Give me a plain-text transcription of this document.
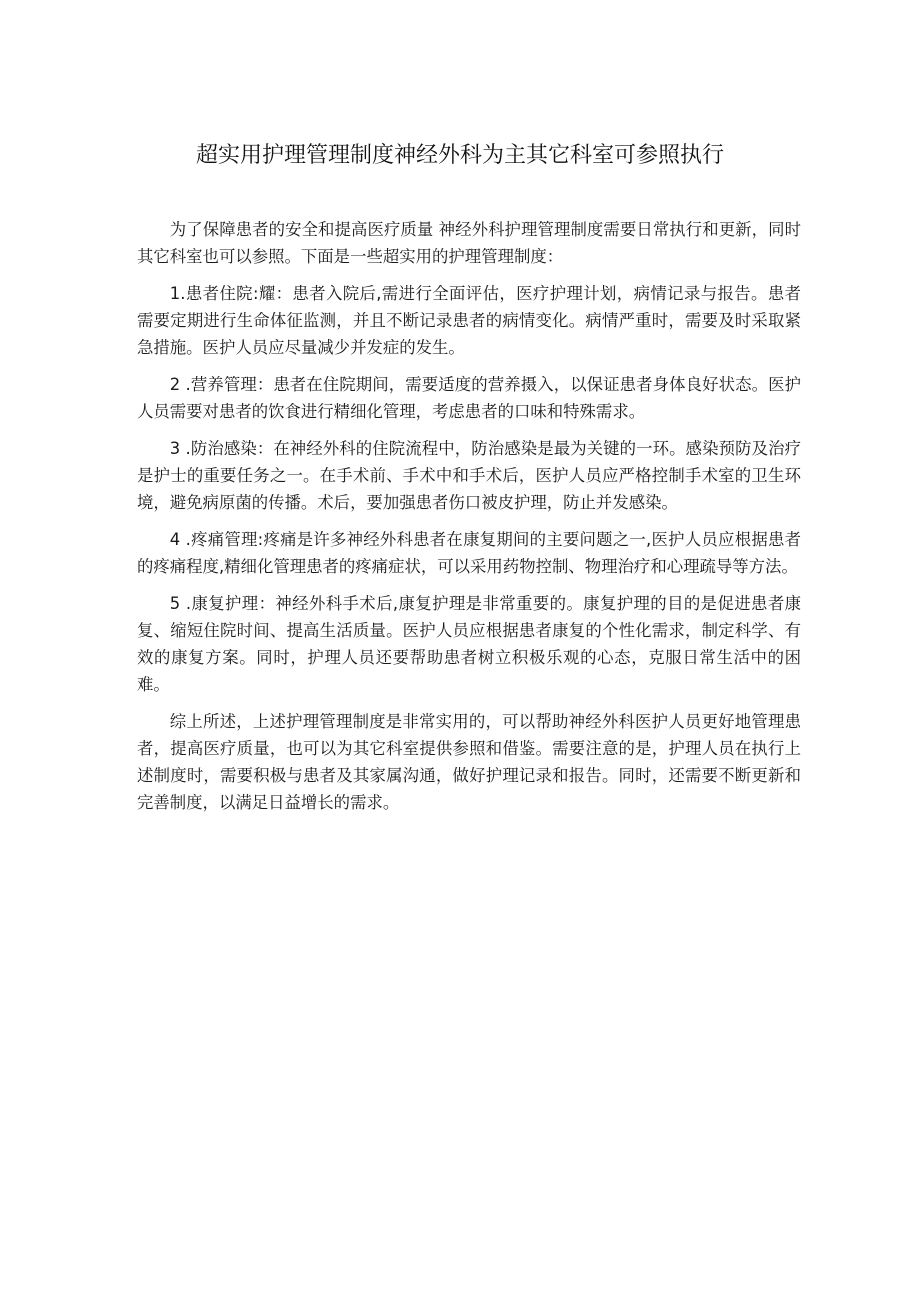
超实用护理管理制度神经外科为主其它科室可参照执行

为了保障患者的安全和提高医疗质量 神经外科护理管理制度需要日常执行和更新，同时其它科室也可以参照。下面是一些超实用的护理管理制度：

1.患者住院:耀：患者入院后,需进行全面评估，医疗护理计划，病情记录与报告。患者需要定期进行生命体征监测，并且不断记录患者的病情变化。病情严重时，需要及时采取紧急措施。医护人员应尽量减少并发症的发生。

2 .营养管理：患者在住院期间，需要适度的营养摄入，以保证患者身体良好状态。医护人员需要对患者的饮食进行精细化管理，考虑患者的口味和特殊需求。

3 .防治感染：在神经外科的住院流程中，防治感染是最为关键的一环。感染预防及治疗是护士的重要任务之一。在手术前、手术中和手术后，医护人员应严格控制手术室的卫生环境，避免病原菌的传播。术后，要加强患者伤口被皮护理，防止并发感染。

4 .疼痛管理:疼痛是许多神经外科患者在康复期间的主要问题之一,医护人员应根据患者的疼痛程度,精细化管理患者的疼痛症状，可以采用药物控制、物理治疗和心理疏导等方法。

5 .康复护理：神经外科手术后,康复护理是非常重要的。康复护理的目的是促进患者康复、缩短住院时间、提高生活质量。医护人员应根据患者康复的个性化需求，制定科学、有效的康复方案。同时，护理人员还要帮助患者树立积极乐观的心态，克服日常生活中的困难。

综上所述，上述护理管理制度是非常实用的，可以帮助神经外科医护人员更好地管理患者，提高医疗质量，也可以为其它科室提供参照和借鉴。需要注意的是，护理人员在执行上述制度时，需要积极与患者及其家属沟通，做好护理记录和报告。同时，还需要不断更新和完善制度，以满足日益增长的需求。
